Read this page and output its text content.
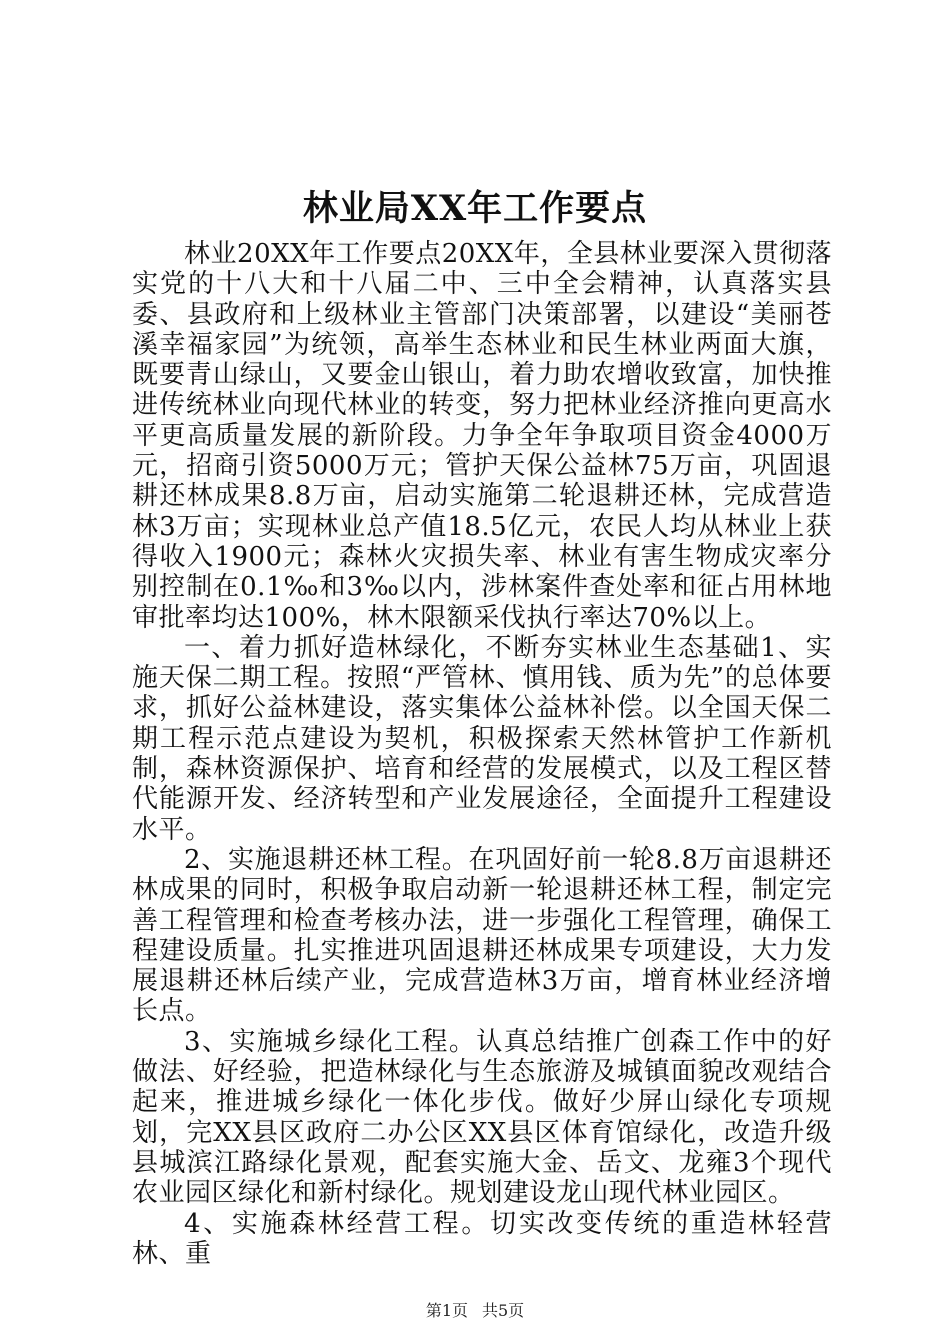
林业局XX年工作要点

林业20XX年工作要点20XX年，全县林业要深入贯彻落实党的十八大和十八届二中、三中全会精神，认真落实县委、县政府和上级林业主管部门决策部署，以建设“美丽苍溪幸福家园”为统领，高举生态林业和民生林业两面大旗，既要青山绿山，又要金山银山，着力助农增收致富，加快推进传统林业向现代林业的转变，努力把林业经济推向更高水平更高质量发展的新阶段。力争全年争取项目资金4000万元，招商引资5000万元；管护天保公益林75万亩，巩固退耕还林成果8.8万亩，启动实施第二轮退耕还林，完成营造林3万亩；实现林业总产值18.5亿元，农民人均从林业上获得收入1900元；森林火灾损失率、林业有害生物成灾率分别控制在0.1‰和3‰以内，涉林案件查处率和征占用林地审批率均达100%，林木限额采伐执行率达70%以上。

一、着力抓好造林绿化，不断夯实林业生态基础1、实施天保二期工程。按照“严管林、慎用钱、质为先”的总体要求，抓好公益林建设，落实集体公益林补偿。以全国天保二期工程示范点建设为契机，积极探索天然林管护工作新机制，森林资源保护、培育和经营的发展模式，以及工程区替代能源开发、经济转型和产业发展途径，全面提升工程建设水平。

2、实施退耕还林工程。在巩固好前一轮8.8万亩退耕还林成果的同时，积极争取启动新一轮退耕还林工程，制定完善工程管理和检查考核办法，进一步强化工程管理，确保工程建设质量。扎实推进巩固退耕还林成果专项建设，大力发展退耕还林后续产业，完成营造林3万亩，增育林业经济增长点。

3、实施城乡绿化工程。认真总结推广创森工作中的好做法、好经验，把造林绿化与生态旅游及城镇面貌改观结合起来，推进城乡绿化一体化步伐。做好少屏山绿化专项规划，完XX县区政府二办公区XX县区体育馆绿化，改造升级县城滨江路绿化景观，配套实施大金、岳文、龙雍3个现代农业园区绿化和新村绿化。规划建设龙山现代林业园区。

4、实施森林经营工程。切实改变传统的重造林轻营林、重

第1页 共5页
